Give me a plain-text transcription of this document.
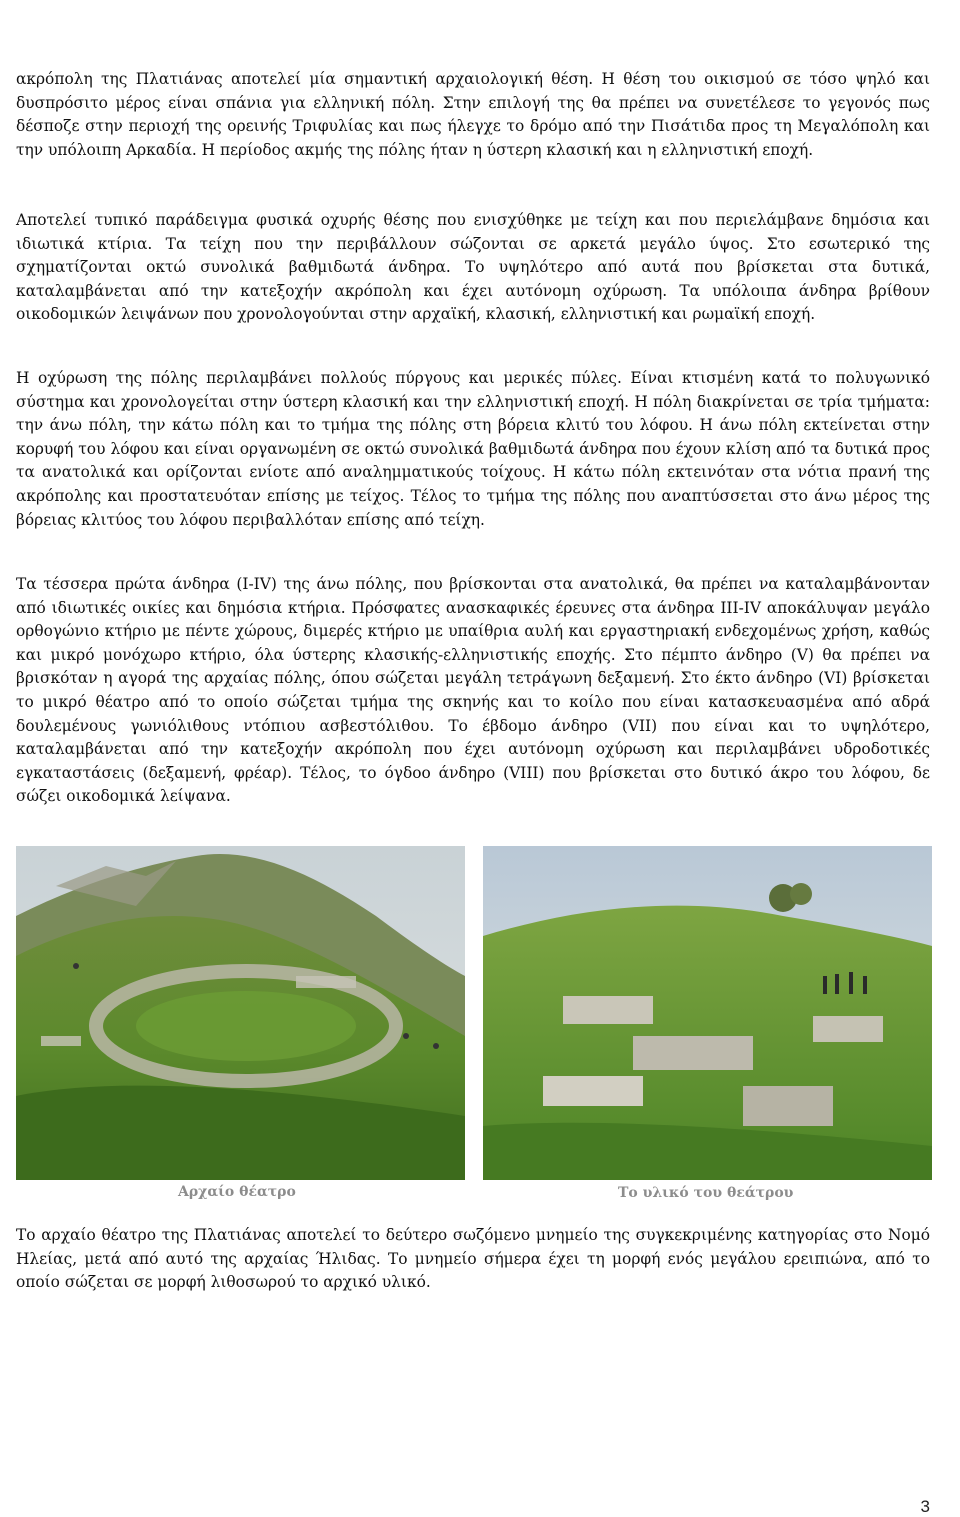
ακρόπολη της Πλατιάνας αποτελεί μία σημαντική αρχαιολογική θέση. Η θέση του οικισμού σε τόσο ψηλό και δυσπρόσιτο μέρος είναι σπάνια για ελληνική πόλη. Στην επιλογή της θα πρέπει να συνετέλεσε το γεγονός πως δέσποζε στην περιοχή της ορεινής Τριφυλίας και πως ήλεγχε το δρόμο από την Πισάτιδα προς τη Μεγαλόπολη και την υπόλοιπη Αρκαδία. Η περίοδος ακμής της πόλης ήταν η ύστερη κλασική και η ελληνιστική εποχή.

Αποτελεί τυπικό παράδειγμα φυσικά οχυρής θέσης που ενισχύθηκε με τείχη και που περιελάμβανε δημόσια και ιδιωτικά κτίρια. Τα τείχη που την περιβάλλουν σώζονται σε αρκετά μεγάλο ύψος. Στο εσωτερικό της σχηματίζονται οκτώ συνολικά βαθμιδωτά άνδηρα. Το υψηλότερο από αυτά που βρίσκεται στα δυτικά, καταλαμβάνεται από την κατεξοχήν ακρόπολη και έχει αυτόνομη οχύρωση. Τα υπόλοιπα άνδηρα βρίθουν οικοδομικών λειψάνων που χρονολογούνται στην αρχαϊκή, κλασική, ελληνιστική και ρωμαϊκή εποχή.

Η οχύρωση της πόλης περιλαμβάνει πολλούς πύργους και μερικές πύλες. Είναι κτισμένη κατά το πολυγωνικό σύστημα και χρονολογείται στην ύστερη κλασική και την ελληνιστική εποχή. Η πόλη διακρίνεται σε τρία τμήματα: την άνω πόλη, την κάτω πόλη και το τμήμα της πόλης στη βόρεια κλιτύ του λόφου. Η άνω πόλη εκτείνεται στην κορυφή του λόφου και είναι οργανωμένη σε οκτώ συνολικά βαθμιδωτά άνδηρα που έχουν κλίση από τα δυτικά προς τα ανατολικά και ορίζονται ενίοτε από αναλημματικούς τοίχους. Η κάτω πόλη εκτεινόταν στα νότια πρανή της ακρόπολης και προστατευόταν επίσης με τείχος. Τέλος το τμήμα της πόλης που αναπτύσσεται στο άνω μέρος της βόρειας κλιτύος του λόφου περιβαλλόταν επίσης από τείχη.

Τα τέσσερα πρώτα άνδηρα (I-IV) της άνω πόλης, που βρίσκονται στα ανατολικά, θα πρέπει να καταλαμβάνονταν από ιδιωτικές οικίες και δημόσια κτήρια. Πρόσφατες ανασκαφικές έρευνες στα άνδηρα III-IV αποκάλυψαν μεγάλο ορθογώνιο κτήριο με πέντε χώρους, διμερές κτήριο με υπαίθρια αυλή και εργαστηριακή ενδεχομένως χρήση, καθώς και μικρό μονόχωρο κτήριο, όλα ύστερης κλασικής-ελληνιστικής εποχής. Στο πέμπτο άνδηρο (V) θα πρέπει να βρισκόταν η αγορά της αρχαίας πόλης, όπου σώζεται μεγάλη τετράγωνη δεξαμενή. Στο έκτο άνδηρο (VI) βρίσκεται το μικρό θέατρο από το οποίο σώζεται τμήμα της σκηνής και το κοίλο που είναι κατασκευασμένα από αδρά δουλεμένους γωνιόλιθους ντόπιου ασβεστόλιθου. Το έβδομο άνδηρο (VII) που είναι και το υψηλότερο, καταλαμβάνεται από την κατεξοχήν ακρόπολη που έχει αυτόνομη οχύρωση και περιλαμβάνει υδροδοτικές εγκαταστάσεις (δεξαμενή, φρέαρ). Τέλος, το όγδοο άνδηρο (VIII) που βρίσκεται στο δυτικό άκρο του λόφου, δε σώζει οικοδομικά λείψανα.

Αρχαίο θέατρο	Το υλικό του θεάτρου

Το αρχαίο θέατρο της Πλατιάνας αποτελεί το δεύτερο σωζόμενο μνημείο της συγκεκριμένης κατηγορίας στο Νομό Ηλείας, μετά από αυτό της αρχαίας Ήλιδας. Το μνημείο σήμερα έχει τη μορφή ενός μεγάλου ερειπιώνα, από το οποίο σώζεται σε μορφή λιθοσωρού το αρχικό υλικό.

3
